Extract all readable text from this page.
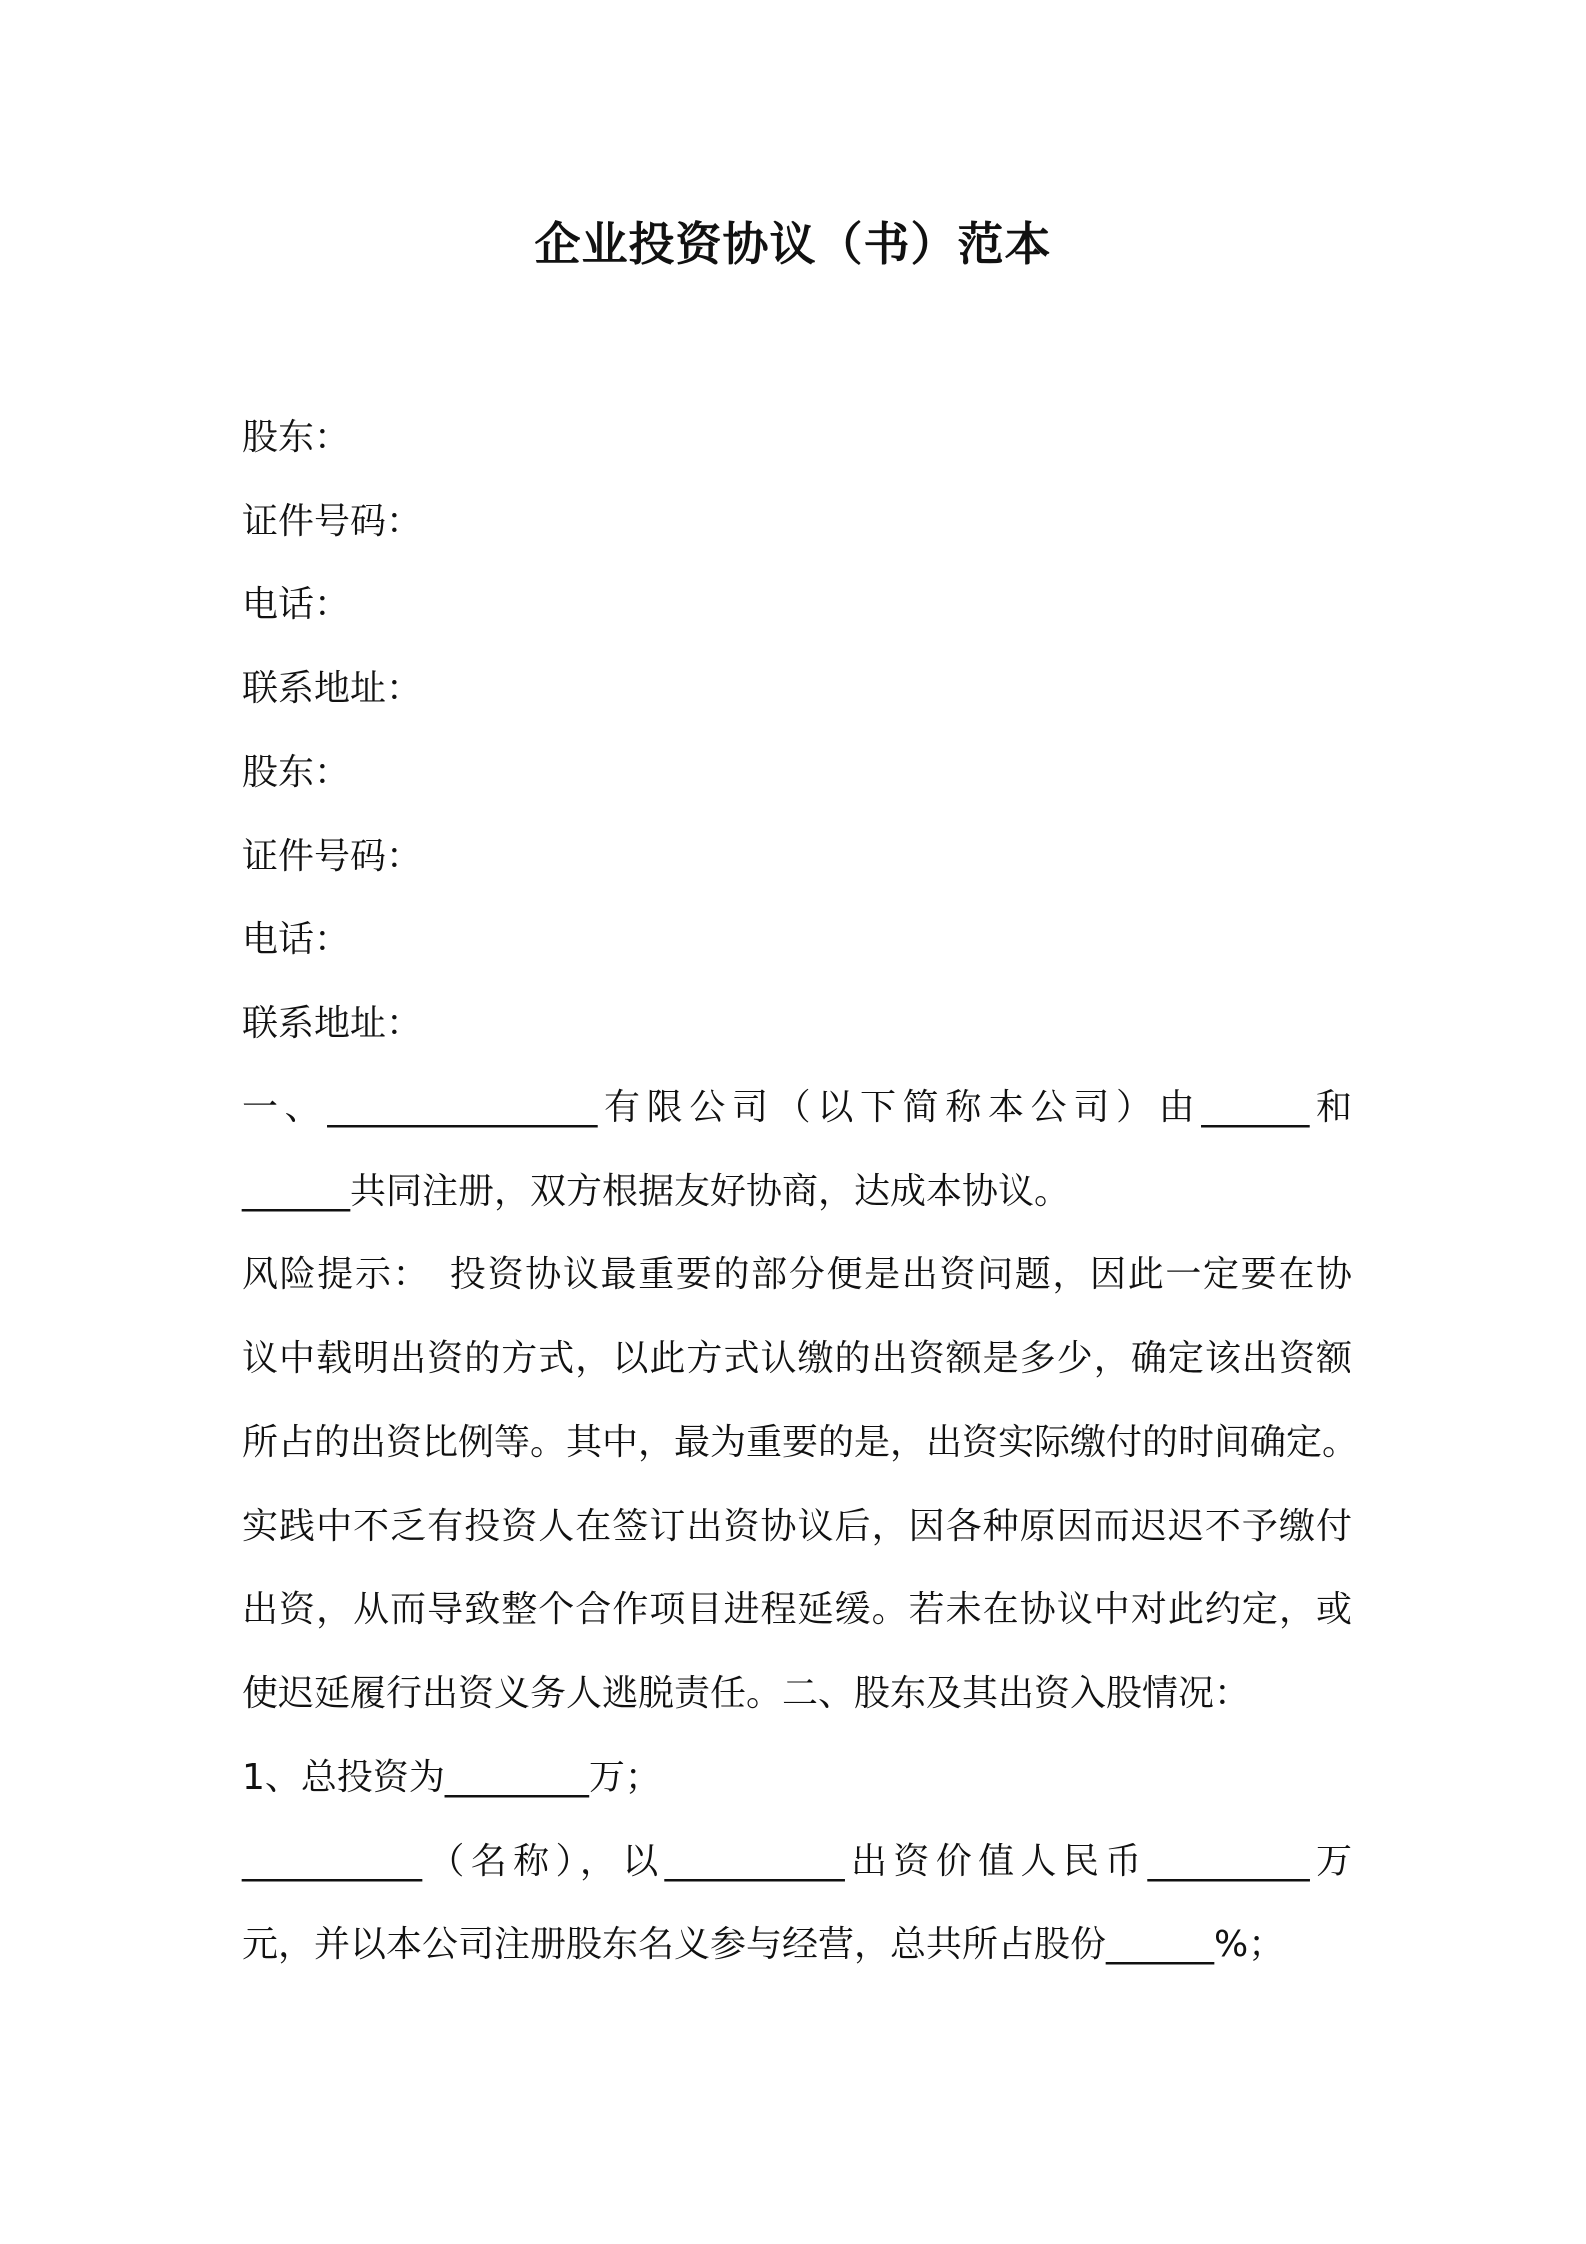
企业投资协议（书）范本
股东：
证件号码：
电话：
联系地址：
股东：
证件号码：
电话：
联系地址：
一、_______________有限公司（以下简称本公司）由______和
______共同注册，双方根据友好协商，达成本协议。
风险提示：　投资协议最重要的部分便是出资问题，因此一定要在协
议中载明出资的方式，以此方式认缴的出资额是多少，确定该出资额
所占的出资比例等。其中，最为重要的是，出资实际缴付的时间确定。
实践中不乏有投资人在签订出资协议后，因各种原因而迟迟不予缴付
出资，从而导致整个合作项目进程延缓。若未在协议中对此约定，或
使迟延履行出资义务人逃脱责任。二、股东及其出资入股情况：
1、总投资为________万；
__________（名称），以__________出资价值人民币_________万
元，并以本公司注册股东名义参与经营，总共所占股份______%；
